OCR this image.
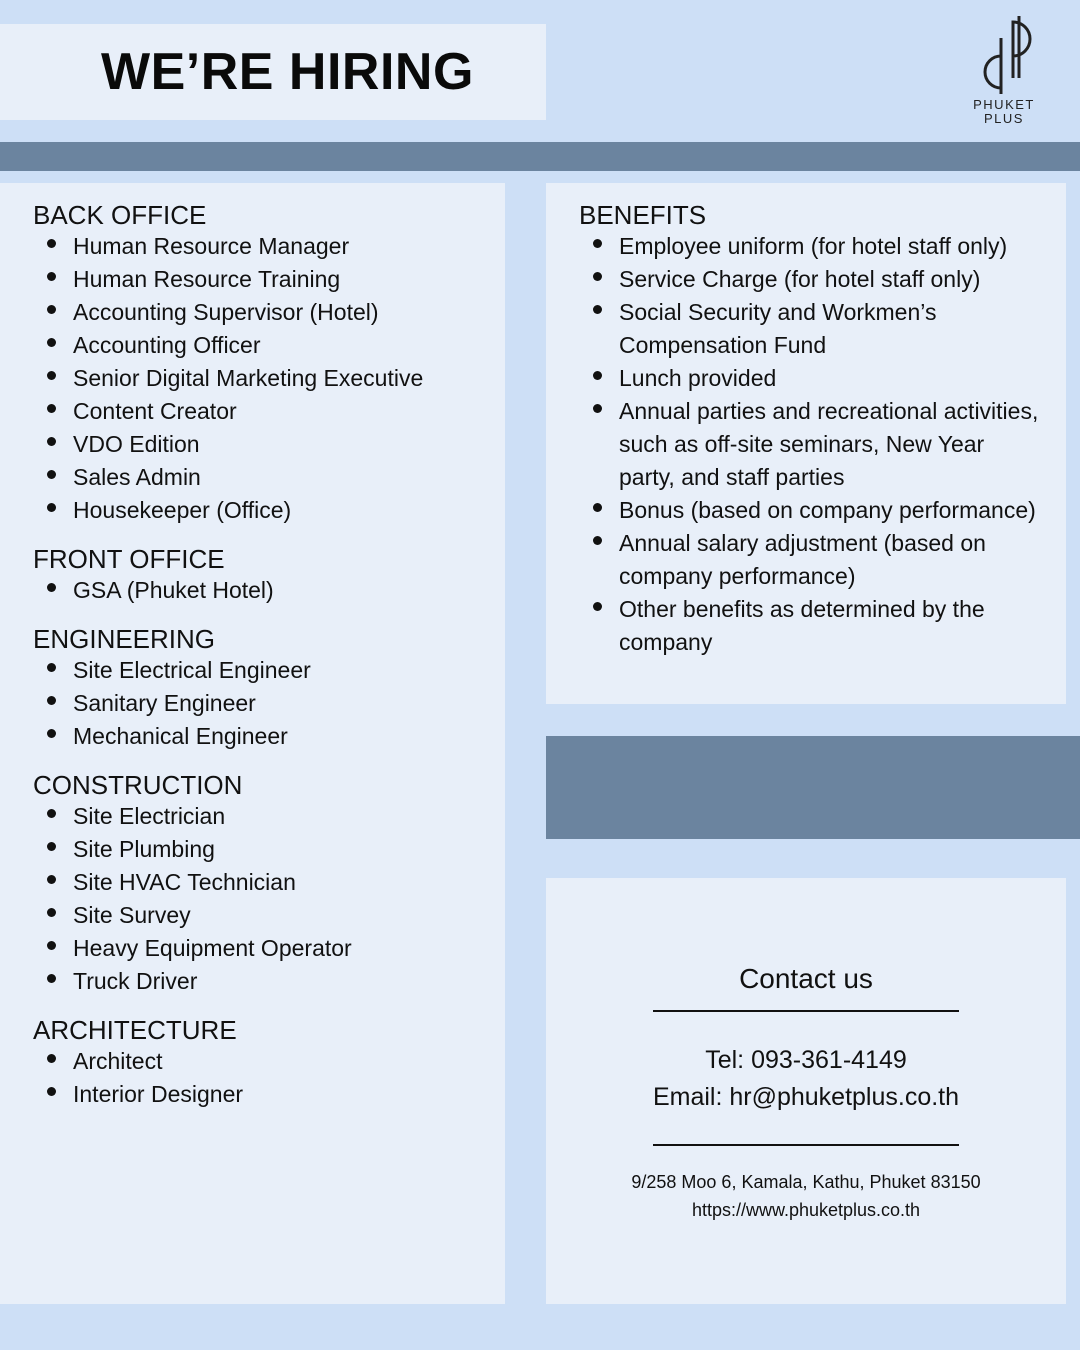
WE’RE HIRING
PHUKET
PLUS
BACK OFFICE
Human Resource Manager
Human Resource Training
Accounting Supervisor (Hotel)
Accounting Officer
Senior Digital Marketing Executive
Content Creator
VDO Edition
Sales Admin
Housekeeper (Office)
FRONT OFFICE
GSA (Phuket Hotel)
ENGINEERING
Site Electrical Engineer
Sanitary Engineer
Mechanical Engineer
CONSTRUCTION
Site Electrician
Site Plumbing
Site HVAC Technician
Site Survey
Heavy Equipment Operator
Truck Driver
ARCHITECTURE
Architect
Interior Designer
BENEFITS
Employee uniform (for hotel staff only)
Service Charge (for hotel staff only)
Social Security and Workmen’s Compensation Fund
Lunch provided
Annual parties and recreational activities, such as off-site seminars, New Year party, and staff parties
Bonus (based on company performance)
Annual salary adjustment (based on company performance)
Other benefits as determined by the company
Contact us
Tel: 093-361-4149
Email: hr@phuketplus.co.th
9/258 Moo 6, Kamala, Kathu, Phuket 83150
https://www.phuketplus.co.th
